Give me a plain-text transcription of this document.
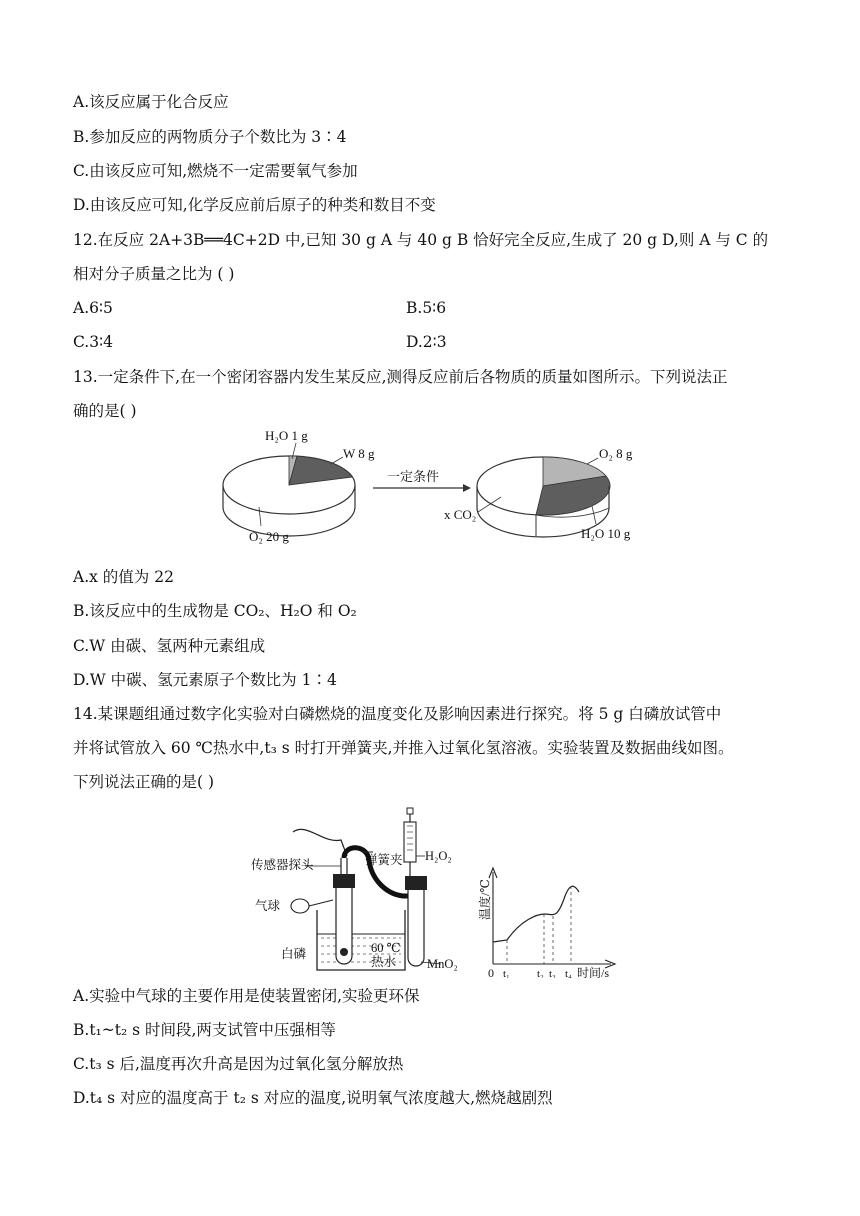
A.该反应属于化合反应
B.参加反应的两物质分子个数比为 3∶4
C.由该反应可知,燃烧不一定需要氧气参加
D.由该反应可知,化学反应前后原子的种类和数目不变
12.在反应 2A+3B══4C+2D 中,已知 30 g A 与 40 g B 恰好完全反应,生成了 20 g D,则 A 与 C 的
相对分子质量之比为 ( )
A.6∶5	B.5∶6
C.3∶4	D.2∶3
13.一定条件下,在一个密闭容器内发生某反应,测得反应前后各物质的质量如图所示。下列说法正
确的是( )
H₂O 1 g
W 8 g
O₂ 20 g
一定条件
O₂ 8 g
x CO₂
H₂O 10 g
A.x 的值为 22
B.该反应中的生成物是 CO₂、H₂O 和 O₂
C.W 由碳、氢两种元素组成
D.W 中碳、氢元素原子个数比为 1∶4
14.某课题组通过数字化实验对白磷燃烧的温度变化及影响因素进行探究。将 5 g 白磷放试管中
并将试管放入 60 ℃热水中,t₃ s 时打开弹簧夹,并推入过氧化氢溶液。实验装置及数据曲线如图。
下列说法正确的是( )
传感器探头	弹簧夹 H₂O₂
气球
60 ℃
热水
白磷
MnO₂
温度/℃
0 t₁ t₂ t₃ t₄ 时间/s
A.实验中气球的主要作用是使装置密闭,实验更环保
B.t₁~t₂ s 时间段,两支试管中压强相等
C.t₃ s 后,温度再次升高是因为过氧化氢分解放热
D.t₄ s 对应的温度高于 t₂ s 对应的温度,说明氧气浓度越大,燃烧越剧烈
